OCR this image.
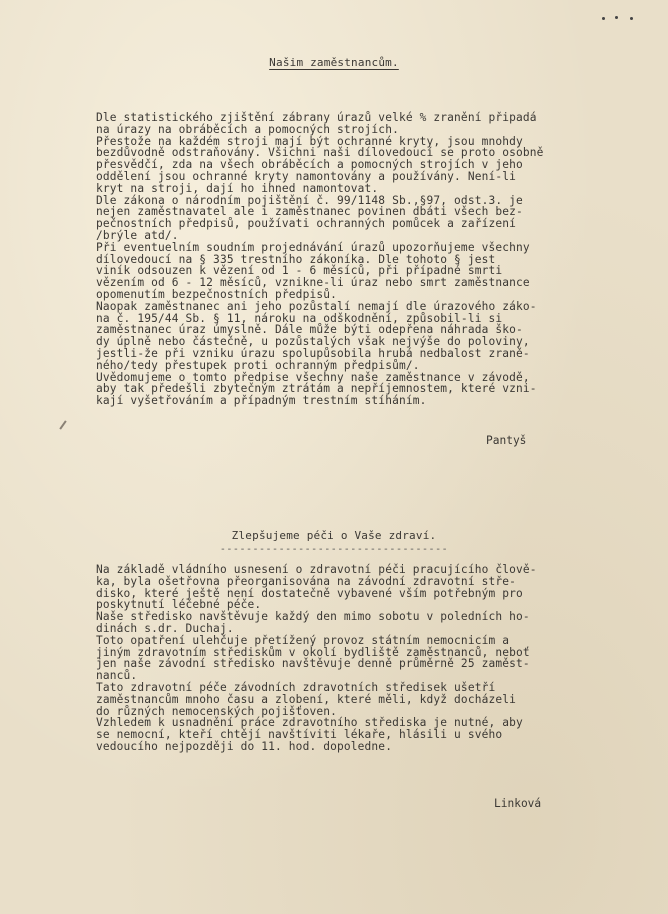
Našim zaměstnancům.
Dle statistického zjištění zábrany úrazů velké % zranění připadá
na úrazy na obráběcích a pomocných strojích.
Přestože na každém stroji mají být ochranné kryty, jsou mnohdy
bezdůvodně odstraňovány. Všichni naši dílovedoucí se proto osobně
přesvědčí, zda na všech obráběcích a pomocných strojích v jeho
oddělení jsou ochranné kryty namontovány a používány. Není-li
kryt na stroji, dají ho ihned namontovat.
Dle zákona o národním pojištění č. 99/1148 Sb.,§97, odst.3. je
nejen zaměstnavatel ale i zaměstnanec povinen dbáti všech bez-
pečnostních předpisů, používati ochranných pomůcek a zařízení
/brýle atd/.
Při eventuelním soudním projednávání úrazů upozorňujeme všechny
dílovedoucí na § 335 trestního zákoníka. Dle tohoto § jest
viník odsouzen k vězení od 1 - 6 měsíců, při případné smrti
vězením od 6 - 12 měsíců, vznikne-li úraz nebo smrt zaměstnance
opomenutím bezpečnostních předpisů.
Naopak zaměstnanec ani jeho pozůstalí nemají dle úrazového záko-
na č. 195/44 Sb. § 11, nároku na odškodnění, způsobil-li si
zaměstnanec úraz úmyslně. Dále může býti odepřena náhrada ško-
dy úplně nebo částečně, u pozůstalých však nejvýše do poloviny,
jestli-že při vzniku úrazu spolupůsobila hrubá nedbalost zraně-
ného/tedy přestupek proti ochranným předpisům/.
Uvědomujeme o tomto předpise všechny naše zaměstnance v závodě,
aby tak předešli zbytečným ztrátám a nepříjemnostem, které vzni-
kají vyšetřováním a případným trestním stíháním.
Pantyš
Zlepšujeme péči o Vaše zdraví.
-----------------------------------
Na základě vládního usnesení o zdravotní péči pracujícího člově-
ka, byla ošetřovna přeorganisována na závodní zdravotní stře-
disko, které ještě není dostatečně vybavené vším potřebným pro
poskytnutí léčebné péče.
Naše středisko navštěvuje každý den mimo sobotu v poledních ho-
dinách s.dr. Duchaj.
Toto opatření ulehčuje přetížený provoz státním nemocnicím a
jiným zdravotním střediskům v okolí bydliště zaměstnanců, neboť
jen naše závodní středisko navštěvuje denně průměrně 25 zaměst-
nanců.
Tato zdravotní péče závodních zdravotních středisek ušetří
zaměstnancům mnoho času a zlobení, které měli, když docházeli
do různých nemocenských pojišťoven.
Vzhledem k usnadnění práce zdravotního střediska je nutné, aby
se nemocní, kteří chtějí navštíviti lékaře, hlásili u svého
vedoucího nejpozději do 11. hod. dopoledne.
Linková
